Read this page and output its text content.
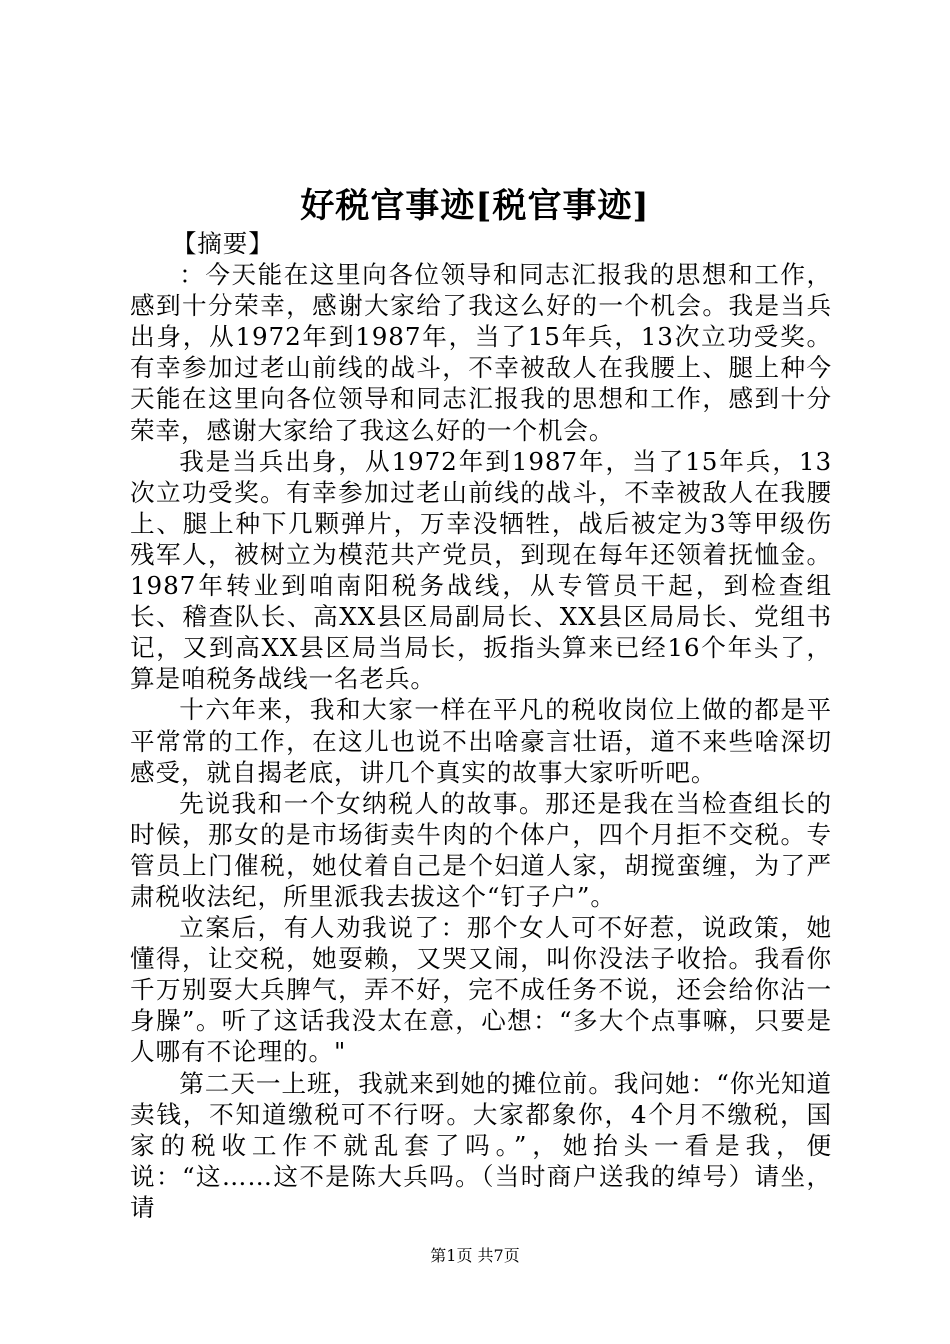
好税官事迹[税官事迹]

【摘要】

：今天能在这里向各位领导和同志汇报我的思想和工作，感到十分荣幸，感谢大家给了我这么好的一个机会。我是当兵出身，从1972年到1987年，当了15年兵，13次立功受奖。有幸参加过老山前线的战斗，不幸被敌人在我腰上、腿上种今天能在这里向各位领导和同志汇报我的思想和工作，感到十分荣幸，感谢大家给了我这么好的一个机会。

我是当兵出身，从1972年到1987年，当了15年兵，13次立功受奖。有幸参加过老山前线的战斗，不幸被敌人在我腰上、腿上种下几颗弹片，万幸没牺牲，战后被定为3等甲级伤残军人，被树立为模范共产党员，到现在每年还领着抚恤金。1987年转业到咱南阳税务战线，从专管员干起，到检查组长、稽查队长、高XX县区局副局长、XX县区局局长、党组书记，又到高XX县区局当局长，扳指头算来已经16个年头了，算是咱税务战线一名老兵。

十六年来，我和大家一样在平凡的税收岗位上做的都是平平常常的工作，在这儿也说不出啥豪言壮语，道不来些啥深切感受，就自揭老底，讲几个真实的故事大家听听吧。

先说我和一个女纳税人的故事。那还是我在当检查组长的时候，那女的是市场街卖牛肉的个体户，四个月拒不交税。专管员上门催税，她仗着自己是个妇道人家，胡搅蛮缠，为了严肃税收法纪，所里派我去拔这个“钉子户”。

立案后，有人劝我说了：那个女人可不好惹，说政策，她懂得，让交税，她耍赖，又哭又闹，叫你没法子收拾。我看你千万别耍大兵脾气，弄不好，完不成任务不说，还会给你沾一身臊”。听了这话我没太在意，心想：“多大个点事嘛，只要是人哪有不论理的。"

第二天一上班，我就来到她的摊位前。我问她：“你光知道卖钱，不知道缴税可不行呀。大家都象你，4个月不缴税，国家的税收工作不就乱套了吗。”，她抬头一看是我，便说：“这……这不是陈大兵吗。（当时商户送我的绰号）请坐，请

第1页 共7页
